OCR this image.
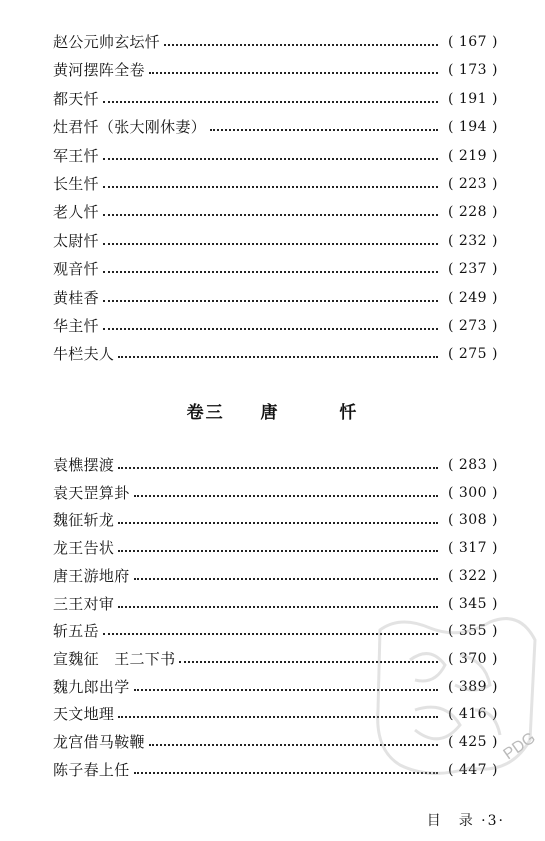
赵公元帅玄坛忏	( 167 )
黄河摆阵全卷	( 173 )
都天忏	( 191 )
灶君忏（张大刚休妻）	( 194 )
军王忏	( 219 )
长生忏	( 223 )
老人忏	( 228 )
太尉忏	( 232 )
观音忏	( 237 )
黄桂香	( 249 )
华主忏	( 273 )
牛栏夫人	( 275 )
卷三 唐	忏
袁樵摆渡	( 283 )
袁天罡算卦	( 300 )
魏征斩龙	( 308 )
龙王告状	( 317 )
唐王游地府	( 322 )
三王对审	( 345 )
斩五岳	( 355 )
宣魏征　王二下书	( 370 )
魏九郎出学	( 389 )
天文地理	( 416 )
龙宫借马鞍鞭	( 425 )
陈子春上任	( 447 )
PDG
目　录 ·3·
